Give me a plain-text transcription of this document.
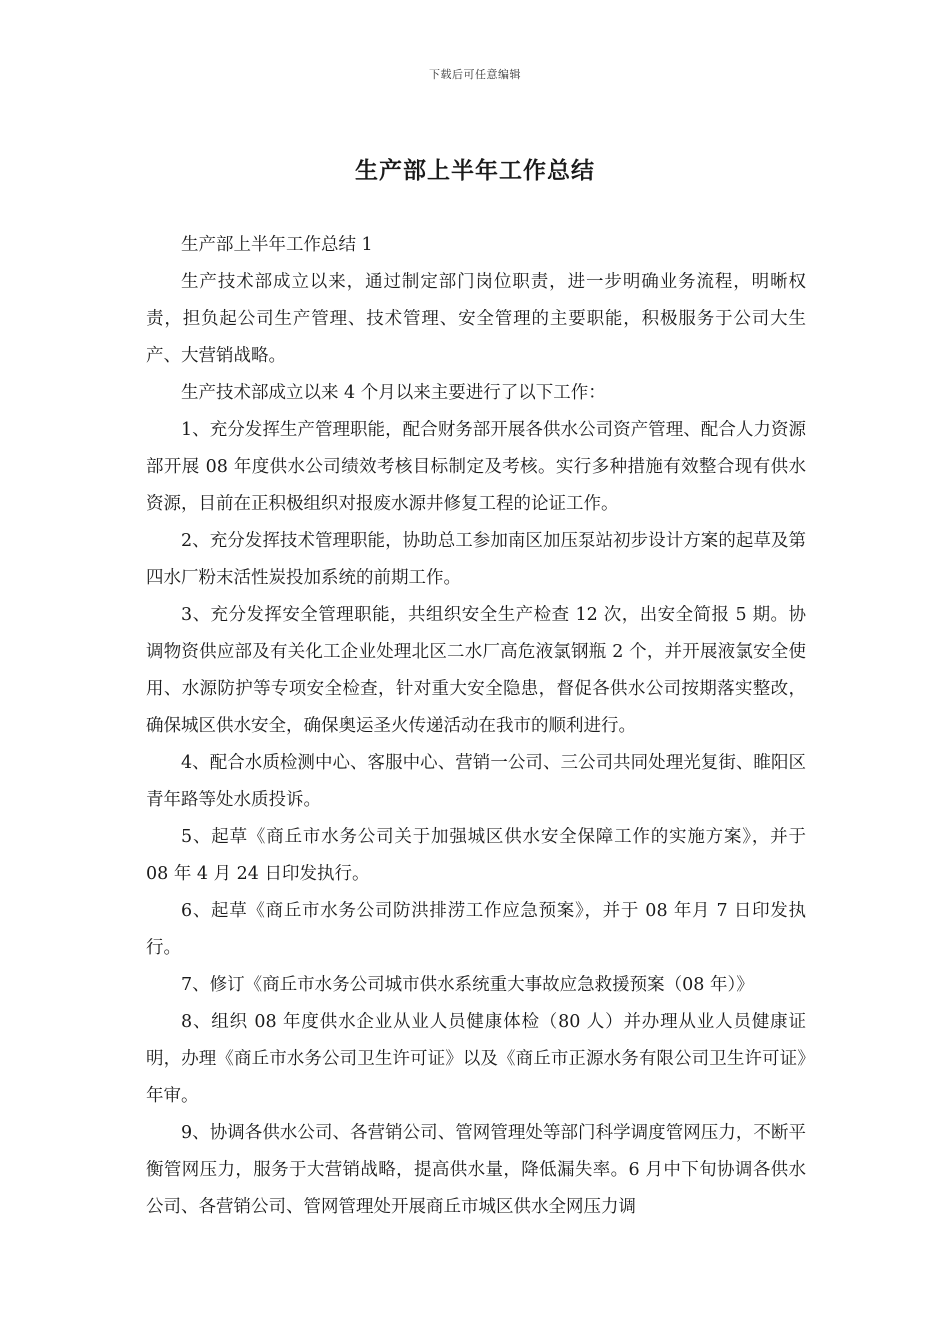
下载后可任意编辑
生产部上半年工作总结

生产部上半年工作总结 1

生产技术部成立以来，通过制定部门岗位职责，进一步明确业务流程，明晰权责，担负起公司生产管理、技术管理、安全管理的主要职能，积极服务于公司大生产、大营销战略。

生产技术部成立以来 4 个月以来主要进行了以下工作：

1、充分发挥生产管理职能，配合财务部开展各供水公司资产管理、配合人力资源部开展 08 年度供水公司绩效考核目标制定及考核。实行多种措施有效整合现有供水资源，目前在正积极组织对报废水源井修复工程的论证工作。

2、充分发挥技术管理职能，协助总工参加南区加压泵站初步设计方案的起草及第四水厂粉末活性炭投加系统的前期工作。

3、充分发挥安全管理职能，共组织安全生产检查 12 次，出安全简报 5 期。协调物资供应部及有关化工企业处理北区二水厂高危液氯钢瓶 2 个，并开展液氯安全使用、水源防护等专项安全检查，针对重大安全隐患，督促各供水公司按期落实整改，确保城区供水安全，确保奥运圣火传递活动在我市的顺利进行。

4、配合水质检测中心、客服中心、营销一公司、三公司共同处理光复街、睢阳区青年路等处水质投诉。

5、起草《商丘市水务公司关于加强城区供水安全保障工作的实施方案》，并于 08 年 4 月 24 日印发执行。

6、起草《商丘市水务公司防洪排涝工作应急预案》，并于 08 年月 7 日印发执行。

7、修订《商丘市水务公司城市供水系统重大事故应急救援预案（08 年）》

8、组织 08 年度供水企业从业人员健康体检（80 人）并办理从业人员健康证明，办理《商丘市水务公司卫生许可证》以及《商丘市正源水务有限公司卫生许可证》年审。

9、协调各供水公司、各营销公司、管网管理处等部门科学调度管网压力，不断平衡管网压力，服务于大营销战略，提高供水量，降低漏失率。6 月中下旬协调各供水公司、各营销公司、管网管理处开展商丘市城区供水全网压力调
